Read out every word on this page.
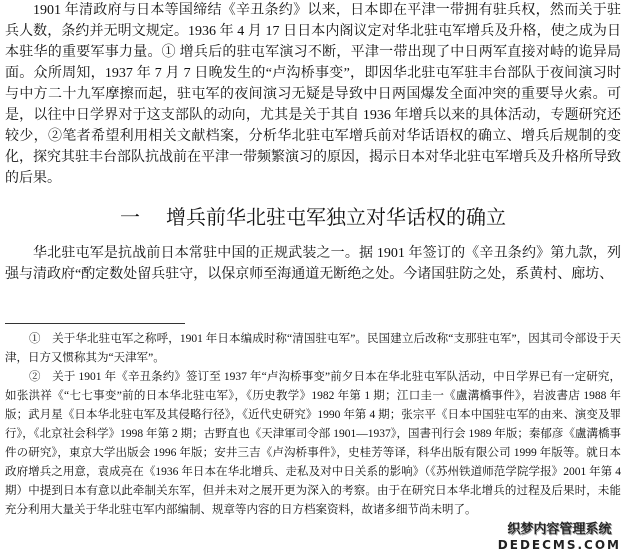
1901 年清政府与日本等国缔结《辛丑条约》以来，日本即在平津一带拥有驻兵权，然而关于驻兵人数，条约并无明文规定。1936 年 4 月 17 日日本内阁议定对华北驻屯军增兵及升格，使之成为日本驻华的重要军事力量。① 增兵后的驻屯军演习不断，平津一带出现了中日两军直接对峙的诡异局面。众所周知，1937 年 7 月 7 日晚发生的“卢沟桥事变”，即因华北驻屯军驻丰台部队于夜间演习时与中方二十九军摩擦而起，驻屯军的夜间演习无疑是导致中日两国爆发全面冲突的重要导火索。可是，以往中日学界对于这支部队的动向，尤其是关于其自 1936 年增兵以来的具体活动，专题研究还较少，②笔者希望利用相关文献档案，分析华北驻屯军增兵前对华话语权的确立、增兵后规制的变化，探究其驻丰台部队抗战前在平津一带频繁演习的原因，揭示日本对华北驻屯军增兵及升格所导致的后果。

一 增兵前华北驻屯军独立对华话权的确立

华北驻屯军是抗战前日本常驻中国的正规武装之一。据 1901 年签订的《辛丑条约》第九款，列强与清政府“酌定数处留兵驻守，以保京师至海通道无断绝之处。今诸国驻防之处，系黄村、廊坊、

①　关于华北驻屯军之称呼，1901 年日本编成时称“清国驻屯军”。民国建立后改称“支那驻屯军”，因其司令部设于天津，日方又惯称其为“天津军”。

②　关于 1901 年《辛丑条约》签订至 1937 年“卢沟桥事变”前夕日本在华北驻屯军队活动，中日学界已有一定研究，如张洪祥《“七七事变”前的日本华北驻屯军》，《历史教学》1982 年第 1 期；江口圭一《盧溝橋事件》，岩波書店 1988 年版；武月星《日本华北驻屯军及其侵略行径》，《近代史研究》1990 年第 4 期；张宗平《日本中国驻屯军的由来、演变及罪行》，《北京社会科学》1998 年第 2 期；古野直也《天津軍司令部 1901—1937》，国書刊行会 1989 年版；秦郁彦《盧溝橋事件の研究》，東京大学出版会 1996 年版；安井三吉《卢沟桥事件》，史桂芳等译，科华出版有限公司 1999 年版等。就日本政府增兵之用意，袁成亮在《1936 年日本在华北增兵、走私及对中日关系的影响》（《苏州铁道师范学院学报》2001 年第 4 期）中提到日本有意以此牵制关东军，但并未对之展开更为深入的考察。由于在研究日本华北增兵的过程及后果时，未能充分利用大量关于华北驻屯军内部编制、规章等内容的日方档案资料，故诸多细节尚未明了。

织梦内容管理系统
DEDECMS.COM
